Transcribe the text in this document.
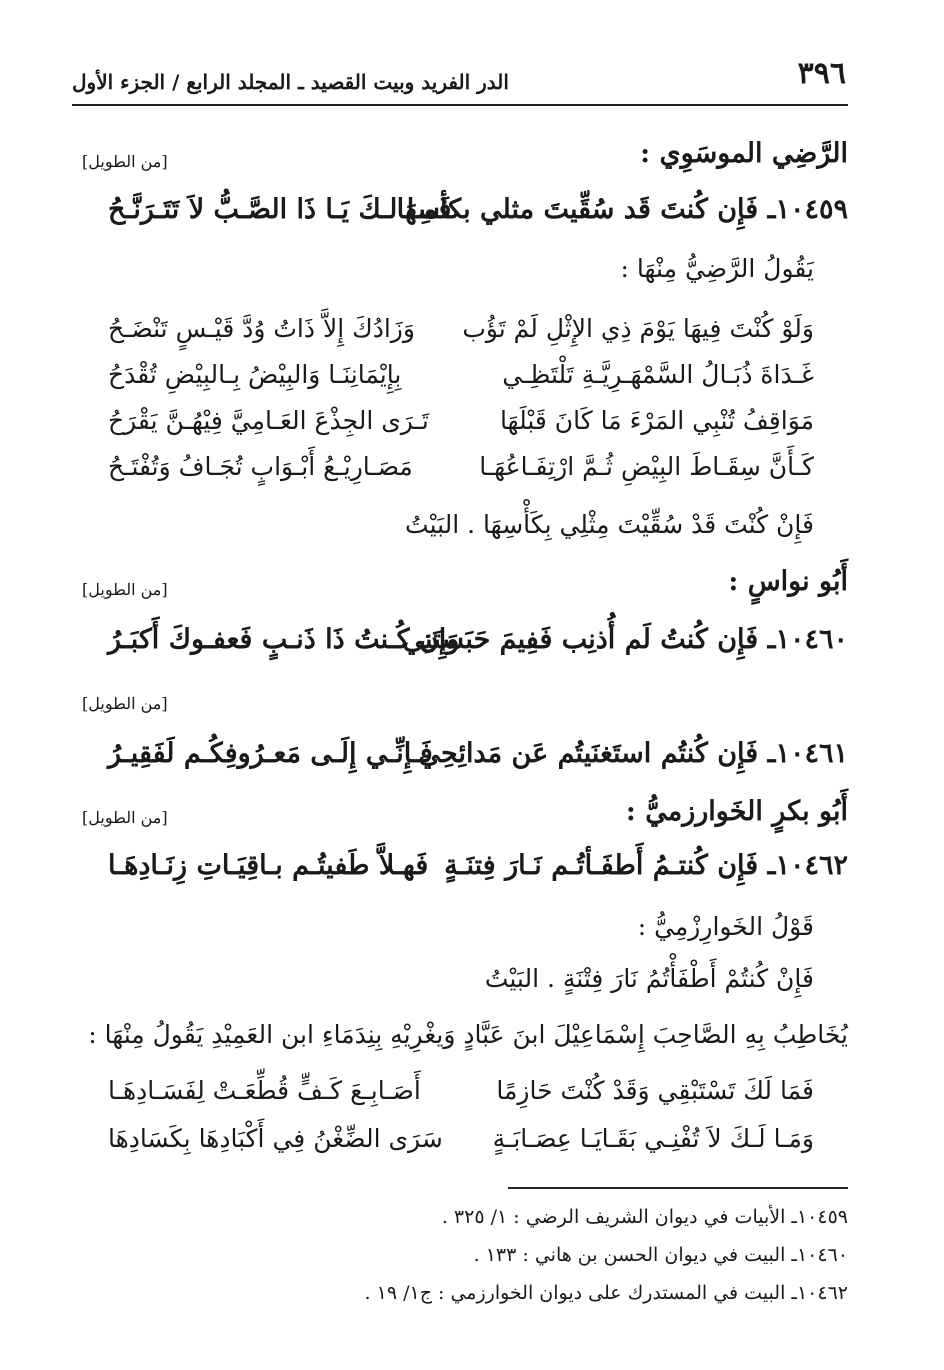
٣٩٦
الدر الفريد وبيت القصيد ـ المجلد الرابع / الجزء الأول
الرَّضِي الموسَوِي :
[من الطويل]
١٠٤٥٩ـ فَإِن كُنتَ قَد سُقِّيتَ مثلي بكأسِهَا
فَمـا لـكَ يَـا ذَا الصَّـبُّ لاَ تَتَـرَنَّـحُ
يَقُولُ الرَّضِيُّ مِنْهَا :
وَلَوْ كُنْتَ فِيهَا يَوْمَ ذِي الإِثْلِ لَمْ تَؤُب
وَزَادُكَ إِلاَّ ذَاتُ وُدَّ قَيْـسٍ تَنْضَـحُ
غَـدَاةَ ذُبَـالُ السَّمْهَـرِيَّـةِ تَلْتَظِـي
بِإِيْمَانِنَـا وَالبِيْضُ بِـالبِيْضِ تُقْدَحُ
مَوَاقِفُ تُنْبِي المَرْءَ مَا كَانَ قَبْلَهَا
تَـرَى الجِذْعَ العَـامِيَّ فِيْهُـنَّ يَقْرَحُ
كَـأَنَّ سِقَـاطَ البِيْضِ ثُـمَّ ارْتِفَـاعُهَـا
مَصَـارِيْـعُ أَبْـوَابٍ تُجَـافُ وَتُفْتَـحُ
فَإِنْ كُنْتَ قَدْ سُقِّيْتَ مِثْلِي بِكَأْسِهَا . البَيْتُ
أَبُو نواسٍ :
[من الطويل]
١٠٤٦٠ـ فَإِن كُنتُ لَم أُذنِب فَفِيمَ حَبَستَنِي
وَإِن كُـنتُ ذَا ذَنـبٍ فَعفـوكَ أَكبَـرُ
[من الطويل]
١٠٤٦١ـ فَإِن كُنتُم استَغنَيتُم عَن مَدائِحِي
فَـإِنِّـي إِلَـى مَعـرُوفِكُـم لَفَقِيـرُ
أَبُو بكرٍ الخَوارزميُّ :
[من الطويل]
١٠٤٦٢ـ فَإِن كُنتـمُ أَطفَـأتُـم نَـارَ فِتنَـةٍ
فَهـلاَّ طَفيتُـم بـاقِيَـاتِ زِنَـادِهَـا
قَوْلُ الخَوارِزْمِيُّ :
فَإِنْ كُنتُمْ أَطْفَأْتُمُ نَارَ فِتْنَةٍ . البَيْتُ
يُخَاطِبُ بِهِ الصَّاحِبَ إِسْمَاعِيْلَ ابنَ عَبَّادٍ وَيغْرِيْهِ بِنِدَمَاءِ ابن العَمِيْدِ يَقُولُ مِنْهَا :
فَمَا لَكَ تَسْتَبْقِي وَقَدْ كُنْتَ حَازِمًا
أَصَـابِـعَ كَـفٍّ قُطِّعَـتْ لِفَسَـادِهَـا
وَمَـا لَـكَ لاَ تُفْنِـي بَقَـايَـا عِصَـابَـةٍ
سَرَى الضِّغْنُ فِي أَكْبَادِهَا بِكَسَادِهَا
١٠٤٥٩ـ الأبيات في ديوان الشريف الرضي : ١/ ٣٢٥ .
١٠٤٦٠ـ البيت في ديوان الحسن بن هاني : ١٣٣ .
١٠٤٦٢ـ البيت في المستدرك على ديوان الخوارزمي : ج١/ ١٩ .
